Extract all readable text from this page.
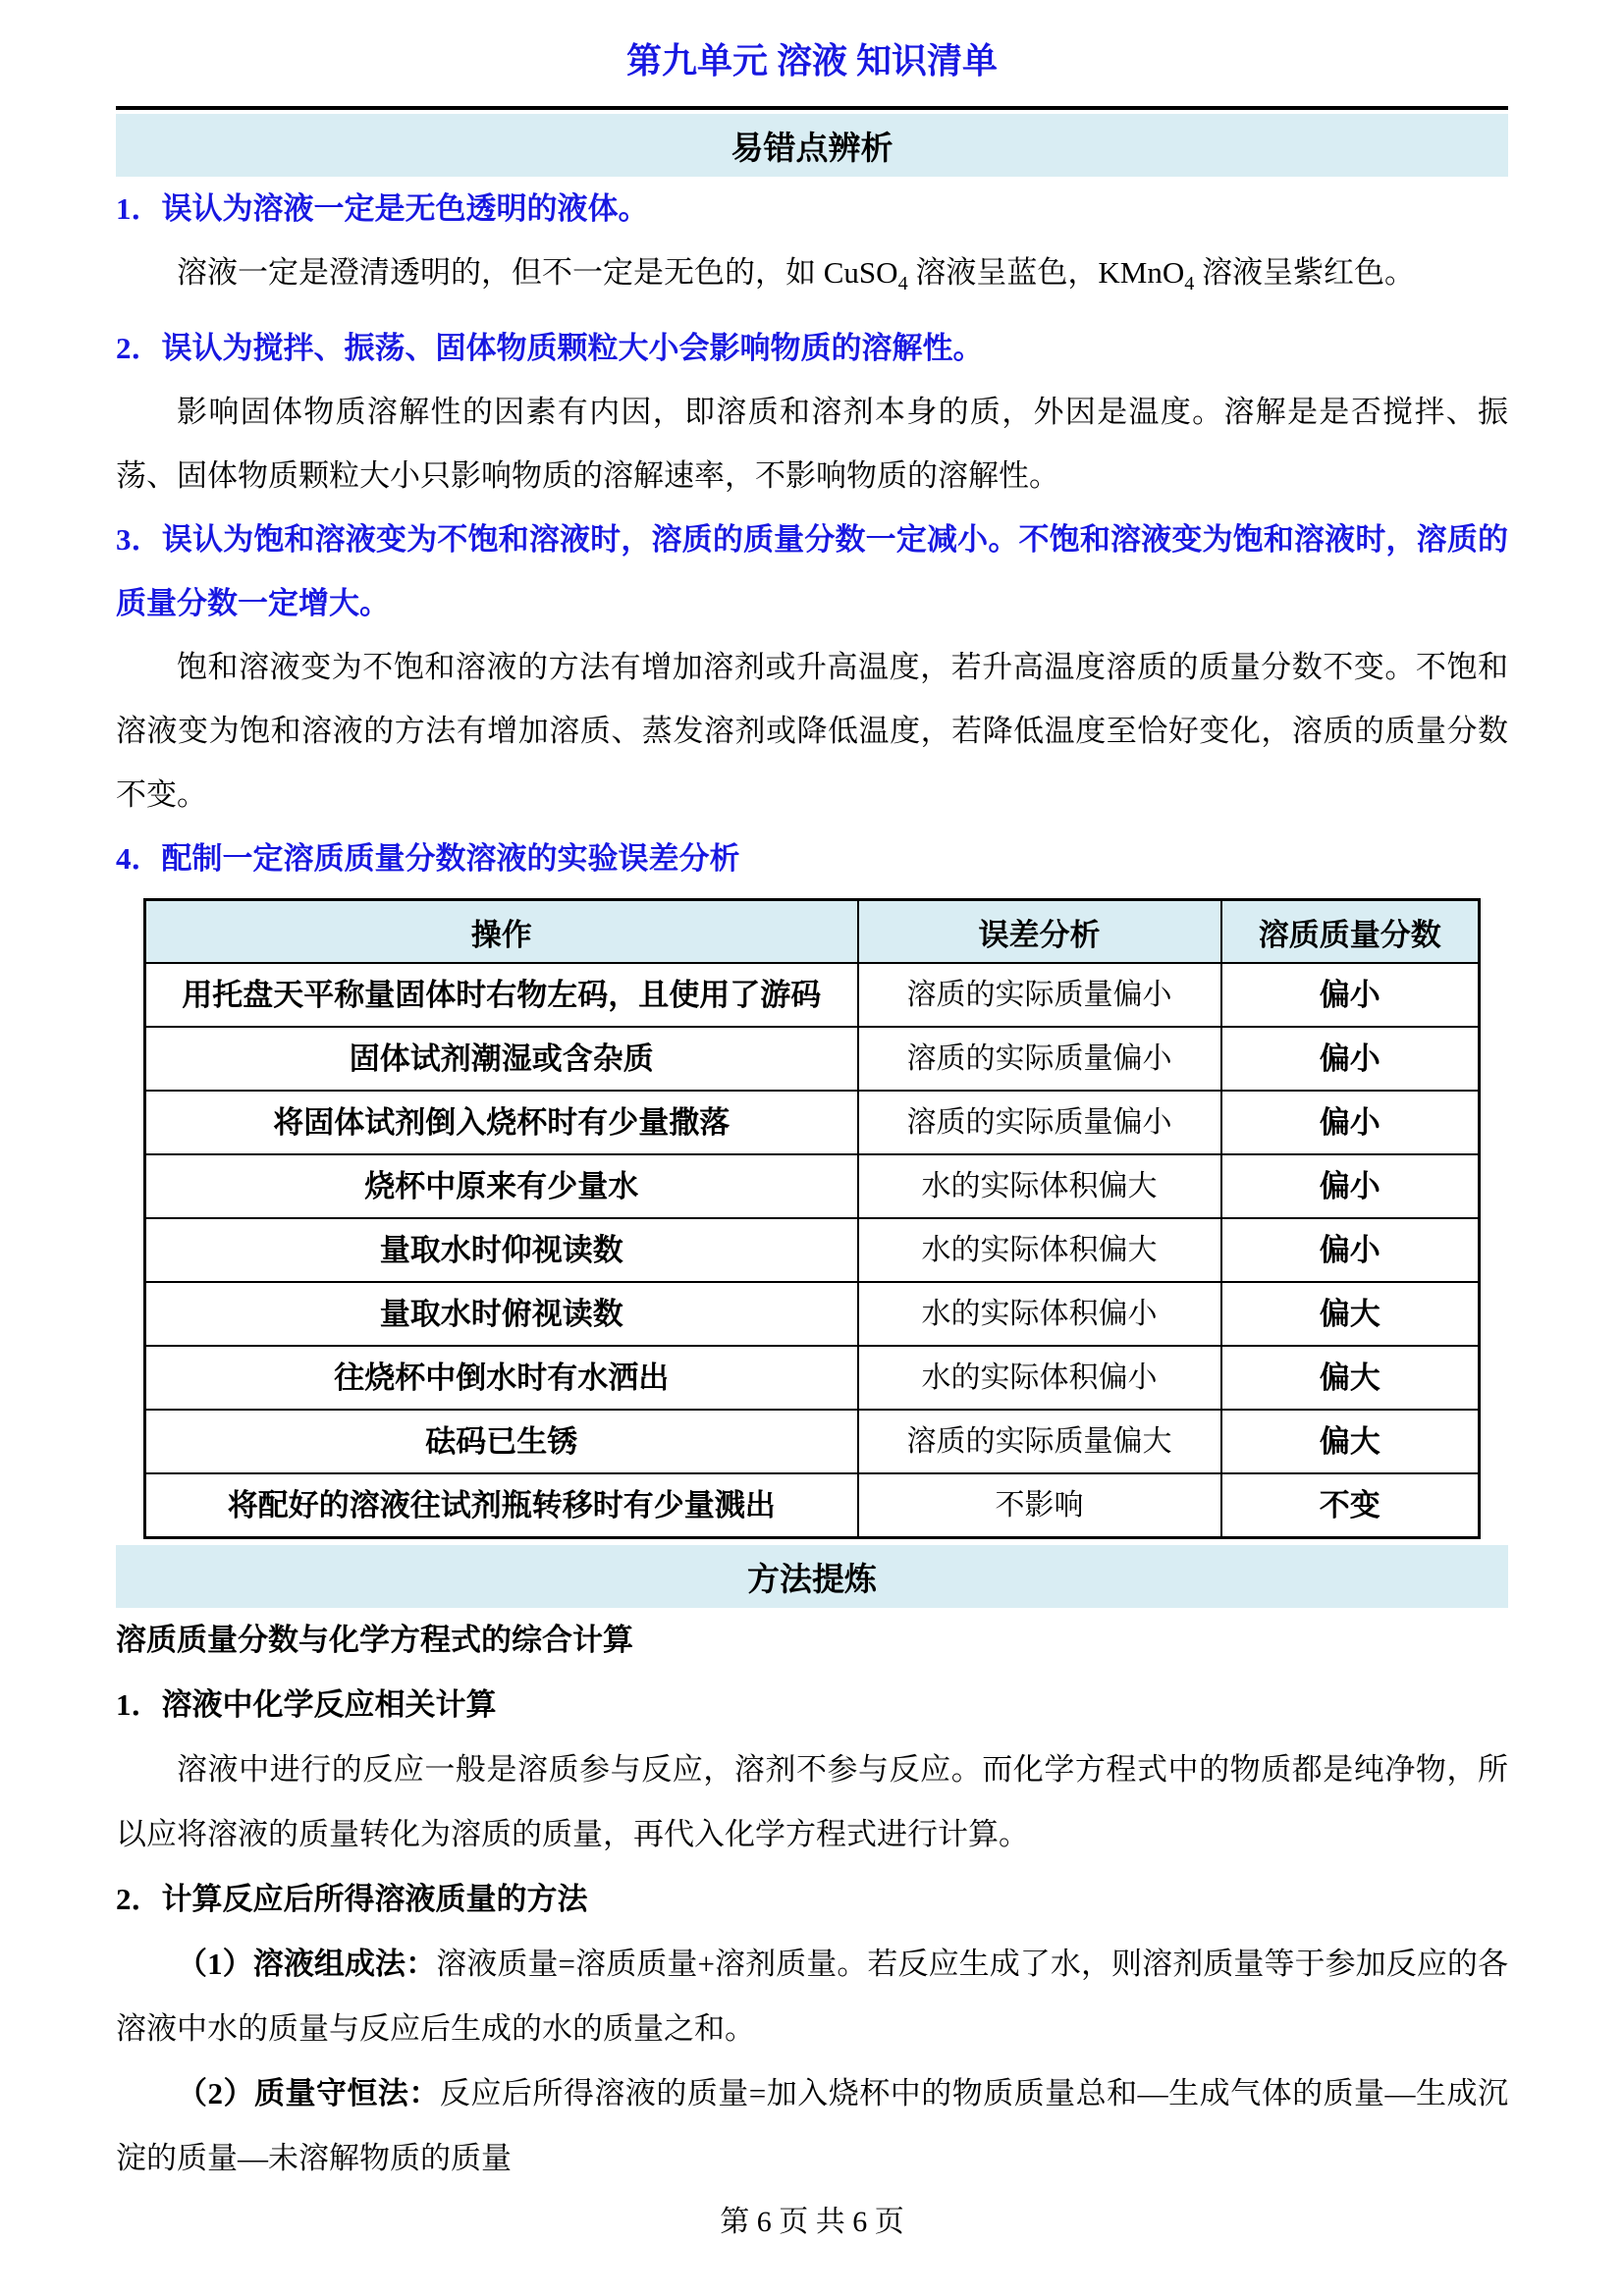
第九单元 溶液 知识清单
易错点辨析

1．误认为溶液一定是无色透明的液体。

溶液一定是澄清透明的，但不一定是无色的，如 CuSO$_4$ 溶液呈蓝色，KMnO$_4$ 溶液呈紫红色。

2．误认为搅拌、振荡、固体物质颗粒大小会影响物质的溶解性。

影响固体物质溶解性的因素有内因，即溶质和溶剂本身的质，外因是温度。溶解是是否搅拌、振荡、固体物质颗粒大小只影响物质的溶解速率，不影响物质的溶解性。

3．误认为饱和溶液变为不饱和溶液时，溶质的质量分数一定减小。不饱和溶液变为饱和溶液时，溶质的质量分数一定增大。

饱和溶液变为不饱和溶液的方法有增加溶剂或升高温度，若升高温度溶质的质量分数不变。不饱和溶液变为饱和溶液的方法有增加溶质、蒸发溶剂或降低温度，若降低温度至恰好变化，溶质的质量分数不变。

4．配制一定溶质质量分数溶液的实验误差分析

操作	误差分析	溶质质量分数
用托盘天平称量固体时右物左码，且使用了游码	溶质的实际质量偏小	偏小
固体试剂潮湿或含杂质	溶质的实际质量偏小	偏小
将固体试剂倒入烧杯时有少量撒落	溶质的实际质量偏小	偏小
烧杯中原来有少量水	水的实际体积偏大	偏小
量取水时仰视读数	水的实际体积偏大	偏小
量取水时俯视读数	水的实际体积偏小	偏大
往烧杯中倒水时有水洒出	水的实际体积偏小	偏大
砝码已生锈	溶质的实际质量偏大	偏大
将配好的溶液往试剂瓶转移时有少量溅出	不影响	不变
方法提炼

溶质质量分数与化学方程式的综合计算

1．溶液中化学反应相关计算

溶液中进行的反应一般是溶质参与反应，溶剂不参与反应。而化学方程式中的物质都是纯净物，所以应将溶液的质量转化为溶质的质量，再代入化学方程式进行计算。

2．计算反应后所得溶液质量的方法

（1）溶液组成法：溶液质量=溶质质量+溶剂质量。若反应生成了水，则溶剂质量等于参加反应的各溶液中水的质量与反应后生成的水的质量之和。

（2）质量守恒法：反应后所得溶液的质量=加入烧杯中的物质质量总和—生成气体的质量—生成沉淀的质量—未溶解物质的质量

第 6 页 共 6 页
